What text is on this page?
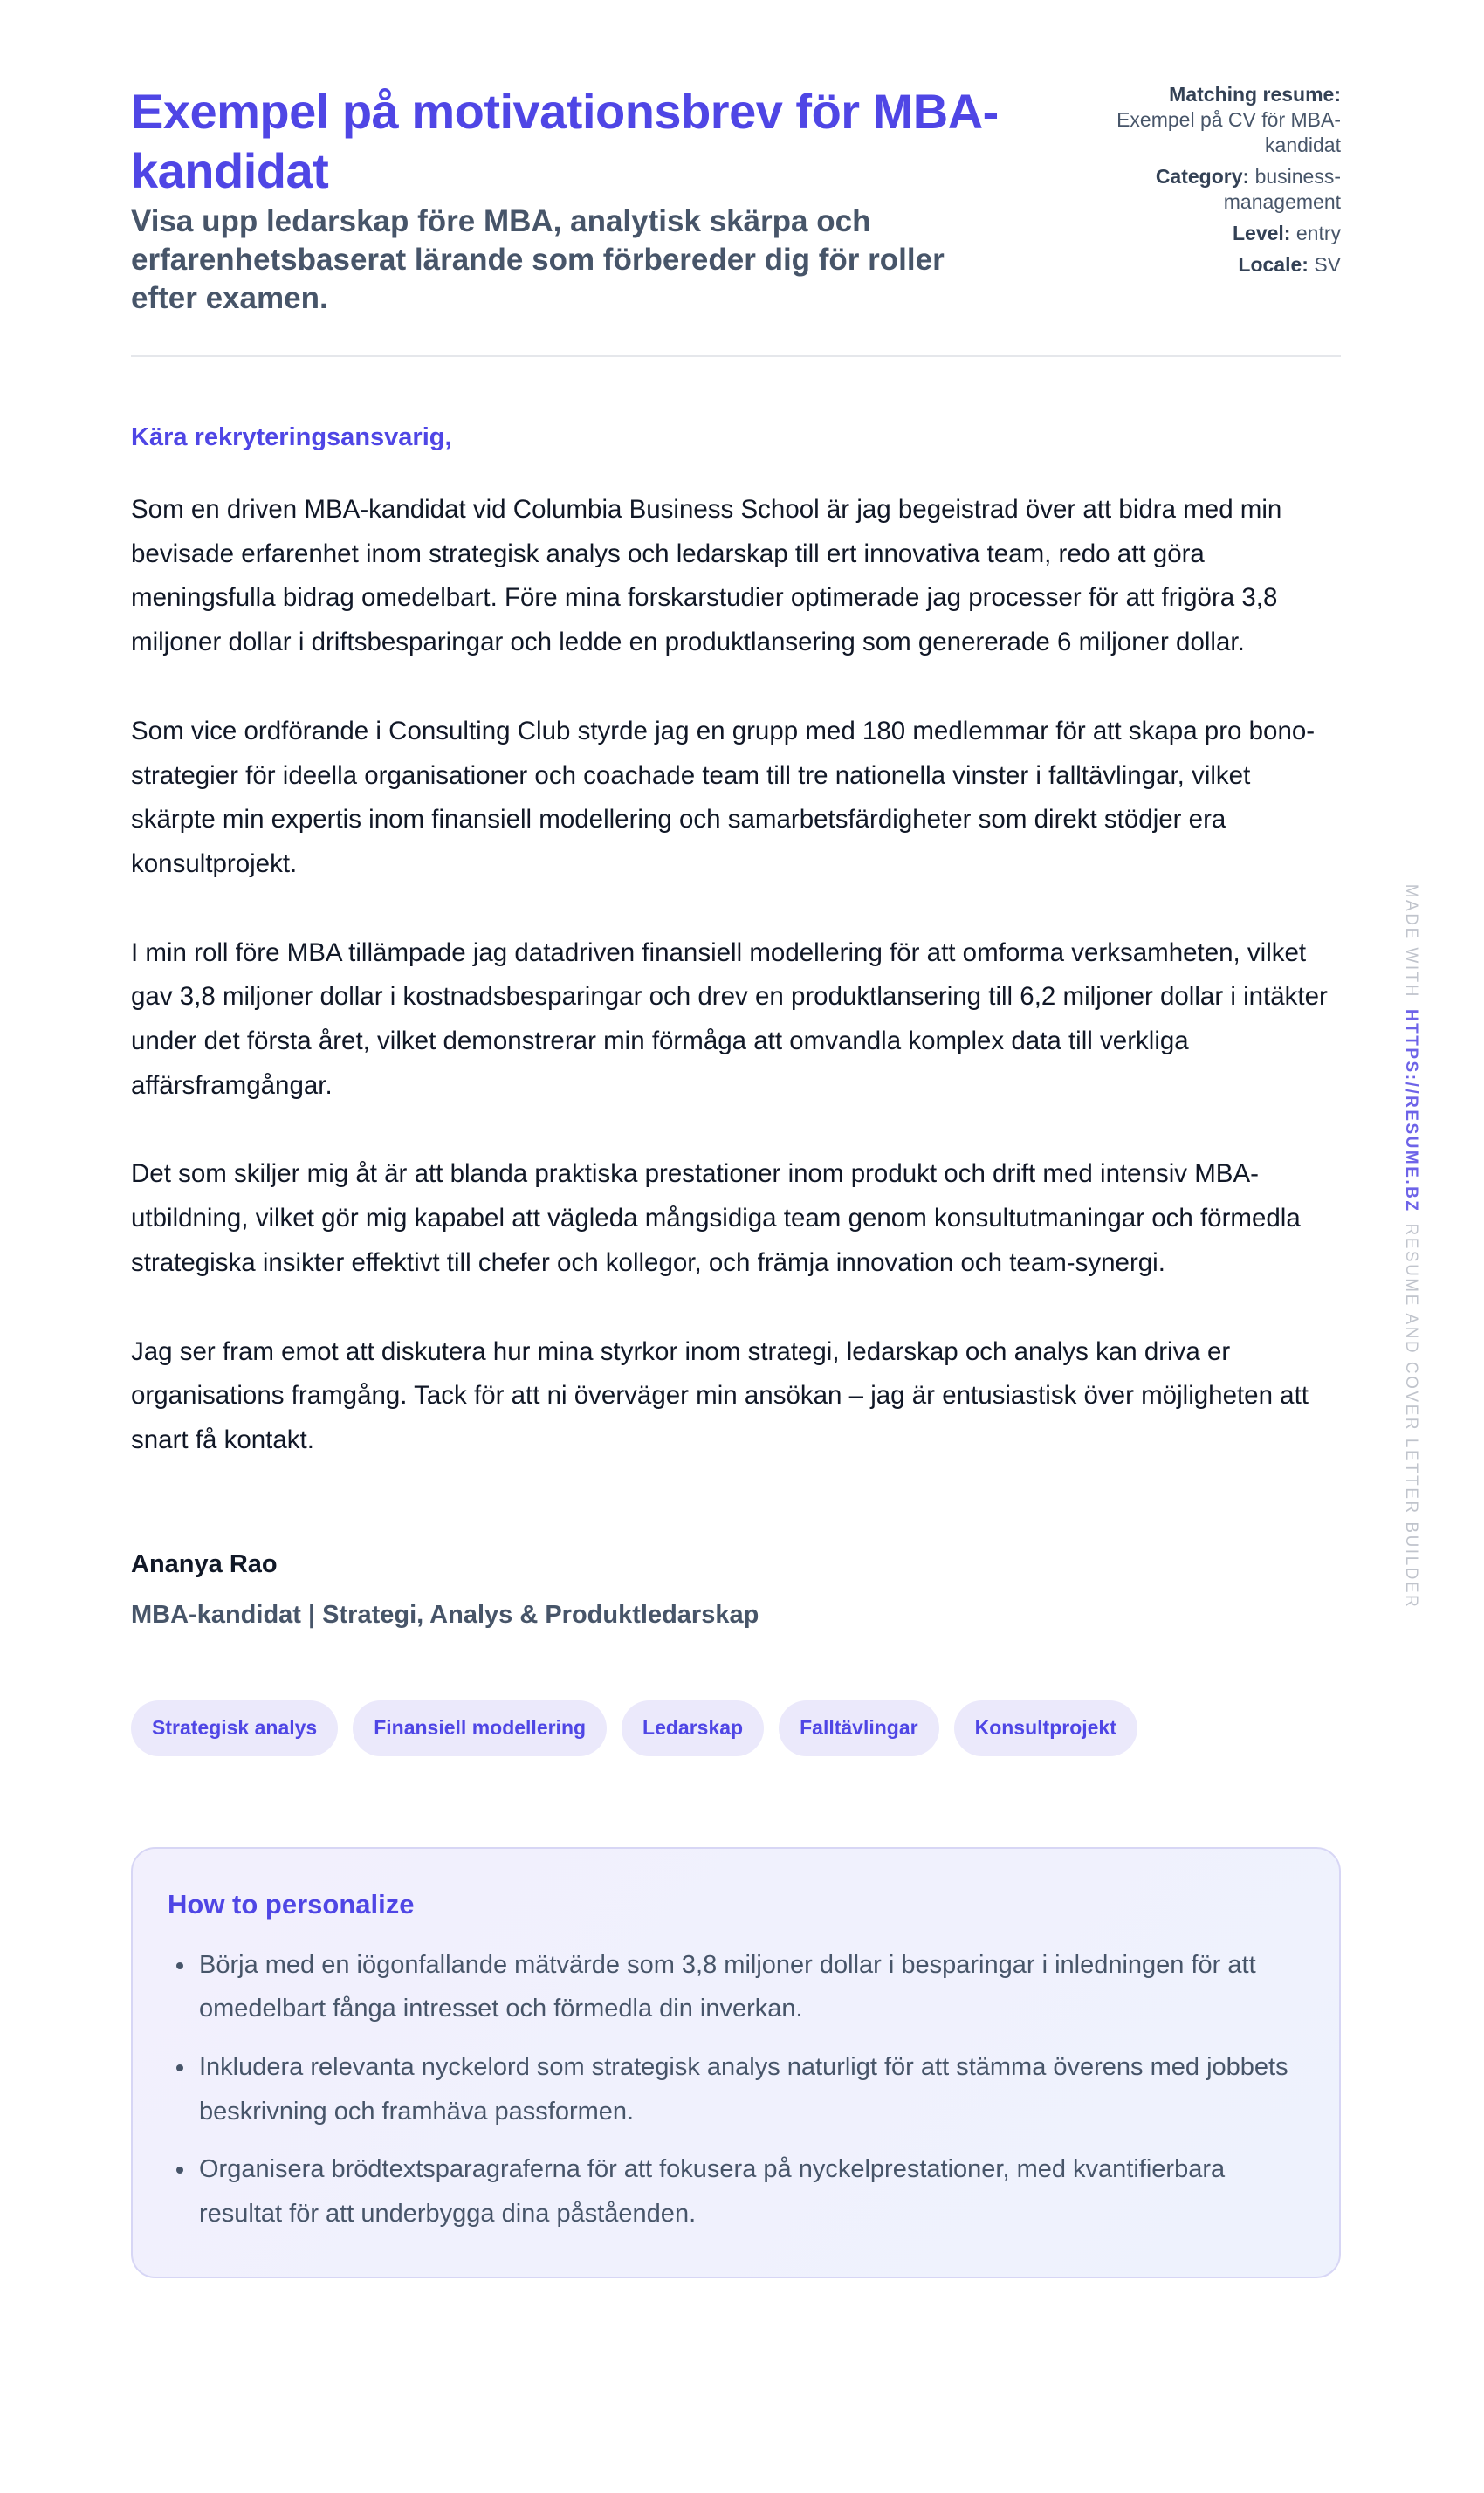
Exempel på motivationsbrev för MBA-kandidat

Visa upp ledarskap före MBA, analytisk skärpa och erfarenhetsbaserat lärande som förbereder dig för roller efter examen.

Matching resume:
Exempel på CV för MBA-kandidat
Category: business-management
Level: entry
Locale: SV

Kära rekryteringsansvarig,

Som en driven MBA-kandidat vid Columbia Business School är jag begeistrad över att bidra med min bevisade erfarenhet inom strategisk analys och ledarskap till ert innovativa team, redo att göra meningsfulla bidrag omedelbart. Före mina forskarstudier optimerade jag processer för att frigöra 3,8 miljoner dollar i driftsbesparingar och ledde en produktlansering som genererade 6 miljoner dollar.

Som vice ordförande i Consulting Club styrde jag en grupp med 180 medlemmar för att skapa pro bono-strategier för ideella organisationer och coachade team till tre nationella vinster i falltävlingar, vilket skärpte min expertis inom finansiell modellering och samarbetsfärdigheter som direkt stödjer era konsultprojekt.

I min roll före MBA tillämpade jag datadriven finansiell modellering för att omforma verksamheten, vilket gav 3,8 miljoner dollar i kostnadsbesparingar och drev en produktlansering till 6,2 miljoner dollar i intäkter under det första året, vilket demonstrerar min förmåga att omvandla komplex data till verkliga affärsframgångar.

Det som skiljer mig åt är att blanda praktiska prestationer inom produkt och drift med intensiv MBA-utbildning, vilket gör mig kapabel att vägleda mångsidiga team genom konsultutmaningar och förmedla strategiska insikter effektivt till chefer och kollegor, och främja innovation och team-synergi.

Jag ser fram emot att diskutera hur mina styrkor inom strategi, ledarskap och analys kan driva er organisations framgång. Tack för att ni överväger min ansökan – jag är entusiastisk över möjligheten att snart få kontakt.

Ananya Rao

MBA-kandidat | Strategi, Analys & Produktledarskap

Strategisk analys	Finansiell modellering	Ledarskap	Falltävlingar	Konsultprojekt
How to personalize
Börja med en iögonfallande mätvärde som 3,8 miljoner dollar i besparingar i inledningen för att omedelbart fånga intresset och förmedla din inverkan.
Inkludera relevanta nyckelord som strategisk analys naturligt för att stämma överens med jobbets beskrivning och framhäva passformen.
Organisera brödtextsparagraferna för att fokusera på nyckelprestationer, med kvantifierbara resultat för att underbygga dina påståenden.
MADE WITHHTTPS://RESUME.BZRESUME AND COVER LETTER BUILDER
